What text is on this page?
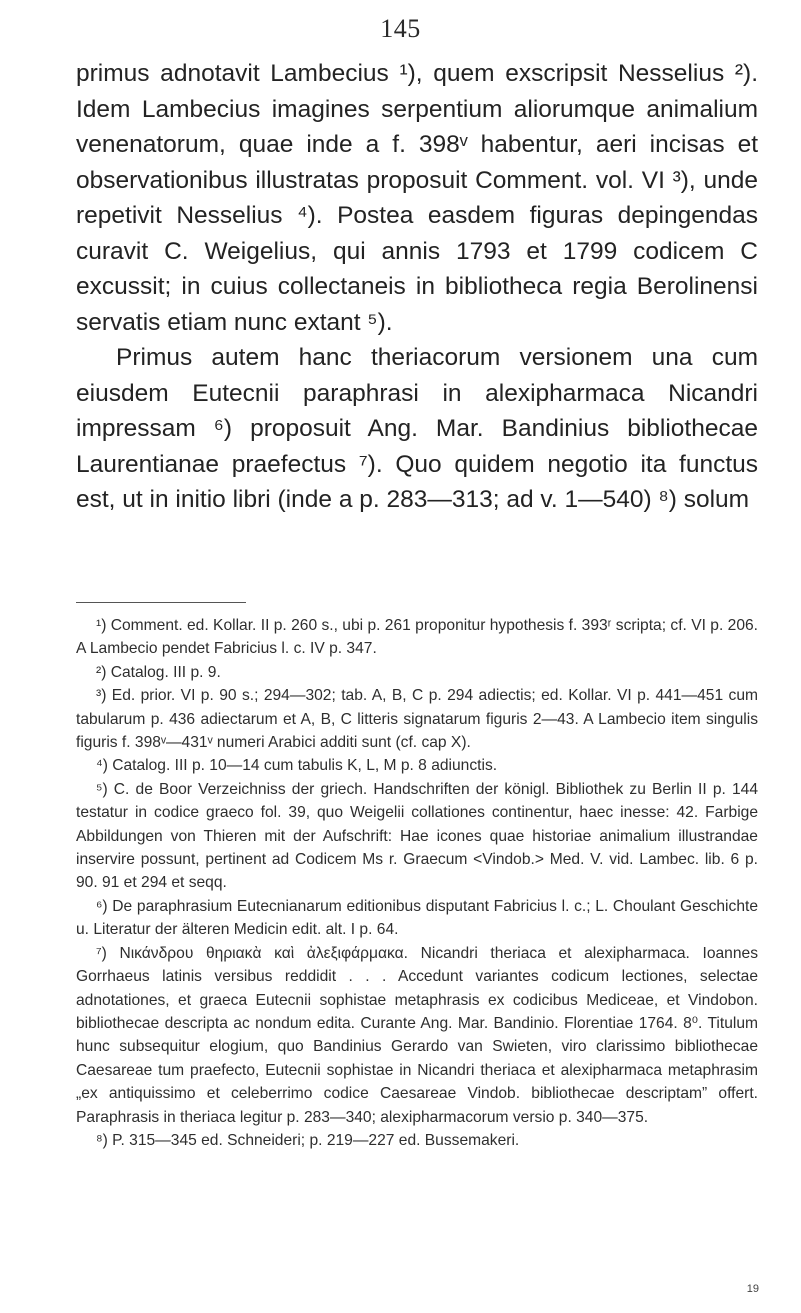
145

primus adnotavit Lambecius ¹), quem exscripsit Nesselius ²). Idem Lambecius imagines serpentium aliorumque animalium venenatorum, quae inde a f. 398ᵛ habentur, aeri incisas et observationibus illustratas proposuit Comment. vol. VI ³), unde repetivit Nesselius ⁴). Postea easdem figuras depingendas curavit C. Weigelius, qui annis 1793 et 1799 codicem C excussit; in cuius collectaneis in bibliotheca regia Berolinensi servatis etiam nunc extant ⁵).

Primus autem hanc theriacorum versionem una cum eiusdem Eutecnii paraphrasi in alexipharmaca Nicandri impressam ⁶) proposuit Ang. Mar. Bandinius bibliothecae Laurentianae praefectus ⁷). Quo quidem negotio ita functus est, ut in initio libri (inde a p. 283—313; ad v. 1—540) ⁸) solum

¹) Comment. ed. Kollar. II p. 260 s., ubi p. 261 proponitur hypothesis f. 393ʳ scripta; cf. VI p. 206. A Lambecio pendet Fabricius l. c. IV p. 347.

²) Catalog. III p. 9.

³) Ed. prior. VI p. 90 s.; 294—302; tab. A, B, C p. 294 adiectis; ed. Kollar. VI p. 441—451 cum tabularum p. 436 adiectarum et A, B, C litteris signatarum figuris 2—43. A Lambecio item singulis figuris f. 398ᵛ—431ᵛ numeri Arabici additi sunt (cf. cap X).

⁴) Catalog. III p. 10—14 cum tabulis K, L, M p. 8 adiunctis.

⁵) C. de Boor Verzeichniss der griech. Handschriften der königl. Bibliothek zu Berlin II p. 144 testatur in codice graeco fol. 39, quo Weigelii collationes continentur, haec inesse: 42. Farbige Abbildungen von Thieren mit der Aufschrift: Hae icones quae historiae animalium illustrandae inservire possunt, pertinent ad Codicem Ms r. Graecum <Vindob.> Med. V. vid. Lambec. lib. 6 p. 90. 91 et 294 et seqq.

⁶) De paraphrasium Eutecnianarum editionibus disputant Fabricius l. c.; L. Choulant Geschichte u. Literatur der älteren Medicin edit. alt. I p. 64.

⁷) Νικάνδρου θηριακὰ καὶ ἀλεξιφάρμακα. Nicandri theriaca et alexipharmaca. Ioannes Gorrhaeus latinis versibus reddidit . . . Accedunt variantes codicum lectiones, selectae adnotationes, et graeca Eutecnii sophistae metaphrasis ex codicibus Mediceae, et Vindobon. bibliothecae descripta ac nondum edita. Curante Ang. Mar. Bandinio. Florentiae 1764. 8⁰. Titulum hunc subsequitur elogium, quo Bandinius Gerardo van Swieten, viro clarissimo bibliothecae Caesareae tum praefecto, Eutecnii sophistae in Nicandri theriaca et alexipharmaca metaphrasim „ex antiquissimo et celeberrimo codice Caesareae Vindob. bibliothecae descriptam” offert. Paraphrasis in theriaca legitur p. 283—340; alexipharmacorum versio p. 340—375.

⁸) P. 315—345 ed. Schneideri; p. 219—227 ed. Bussemakeri.

19
